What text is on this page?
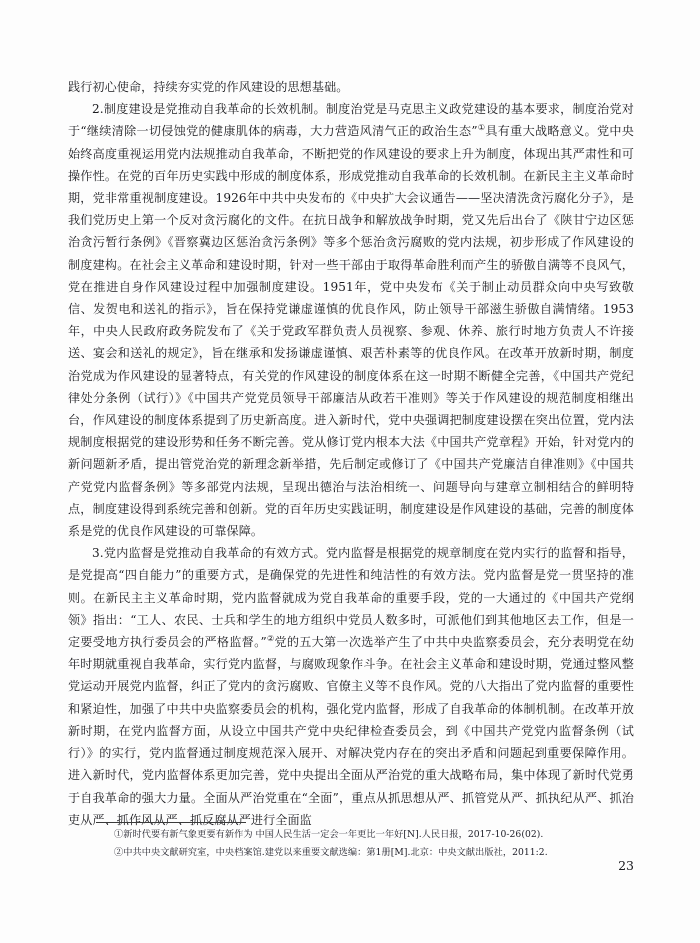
践行初心使命，持续夯实党的作风建设的思想基础。

2.制度建设是党推动自我革命的长效机制。制度治党是马克思主义政党建设的基本要求，制度治党对于“继续清除一切侵蚀党的健康肌体的病毒，大力营造风清气正的政治生态”①具有重大战略意义。党中央始终高度重视运用党内法规推动自我革命，不断把党的作风建设的要求上升为制度，体现出其严肃性和可操作性。在党的百年历史实践中形成的制度体系，形成党推动自我革命的长效机制。在新民主主义革命时期，党非常重视制度建设。1926年中共中央发布的《中央扩大会议通告——坚决清洗贪污腐化分子》，是我们党历史上第一个反对贪污腐化的文件。在抗日战争和解放战争时期，党又先后出台了《陕甘宁边区惩治贪污暂行条例》《晋察冀边区惩治贪污条例》等多个惩治贪污腐败的党内法规，初步形成了作风建设的制度建构。在社会主义革命和建设时期，针对一些干部由于取得革命胜利而产生的骄傲自满等不良风气，党在推进自身作风建设过程中加强制度建设。1951年，党中央发布《关于制止动员群众向中央写致敬信、发贺电和送礼的指示》，旨在保持党谦虚谨慎的优良作风，防止领导干部滋生骄傲自满情绪。1953年，中央人民政府政务院发布了《关于党政军群负责人员视察、参观、休养、旅行时地方负责人不许接送、宴会和送礼的规定》，旨在继承和发扬谦虚谨慎、艰苦朴素等的优良作风。在改革开放新时期，制度治党成为作风建设的显著特点，有关党的作风建设的制度体系在这一时期不断健全完善，《中国共产党纪律处分条例（试行）》《中国共产党党员领导干部廉洁从政若干准则》等关于作风建设的规范制度相继出台，作风建设的制度体系提到了历史新高度。进入新时代，党中央强调把制度建设摆在突出位置，党内法规制度根据党的建设形势和任务不断完善。党从修订党内根本大法《中国共产党章程》开始，针对党内的新问题新矛盾，提出管党治党的新理念新举措，先后制定或修订了《中国共产党廉洁自律准则》《中国共产党党内监督条例》等多部党内法规，呈现出德治与法治相统一、问题导向与建章立制相结合的鲜明特点，制度建设得到系统完善和创新。党的百年历史实践证明，制度建设是作风建设的基础，完善的制度体系是党的优良作风建设的可靠保障。

3.党内监督是党推动自我革命的有效方式。党内监督是根据党的规章制度在党内实行的监督和指导，是党提高“四自能力”的重要方式，是确保党的先进性和纯洁性的有效方法。党内监督是党一贯坚持的准则。在新民主主义革命时期，党内监督就成为党自我革命的重要手段，党的一大通过的《中国共产党纲领》指出：“工人、农民、士兵和学生的地方组织中党员人数多时，可派他们到其他地区去工作，但是一定要受地方执行委员会的严格监督。”②党的五大第一次选举产生了中共中央监察委员会，充分表明党在幼年时期就重视自我革命，实行党内监督，与腐败现象作斗争。在社会主义革命和建设时期，党通过整风整党运动开展党内监督，纠正了党内的贪污腐败、官僚主义等不良作风。党的八大指出了党内监督的重要性和紧迫性，加强了中共中央监察委员会的机构，强化党内监督，形成了自我革命的体制机制。在改革开放新时期，在党内监督方面，从设立中国共产党中央纪律检查委员会，到《中国共产党党内监督条例（试行）》的实行，党内监督通过制度规范深入展开、对解决党内存在的突出矛盾和问题起到重要保障作用。进入新时代，党内监督体系更加完善，党中央提出全面从严治党的重大战略布局，集中体现了新时代党勇于自我革命的强大力量。全面从严治党重在“全面”，重点从抓思想从严、抓管党从严、抓执纪从严、抓治吏从严、抓作风从严、抓反腐从严进行全面监

①新时代要有新气象更要有新作为 中国人民生活一定会一年更比一年好[N].人民日报，2017-10-26(02).
②中共中央文献研究室，中央档案馆.建党以来重要文献选编：第1册[M].北京：中央文献出版社，2011:2.
23
